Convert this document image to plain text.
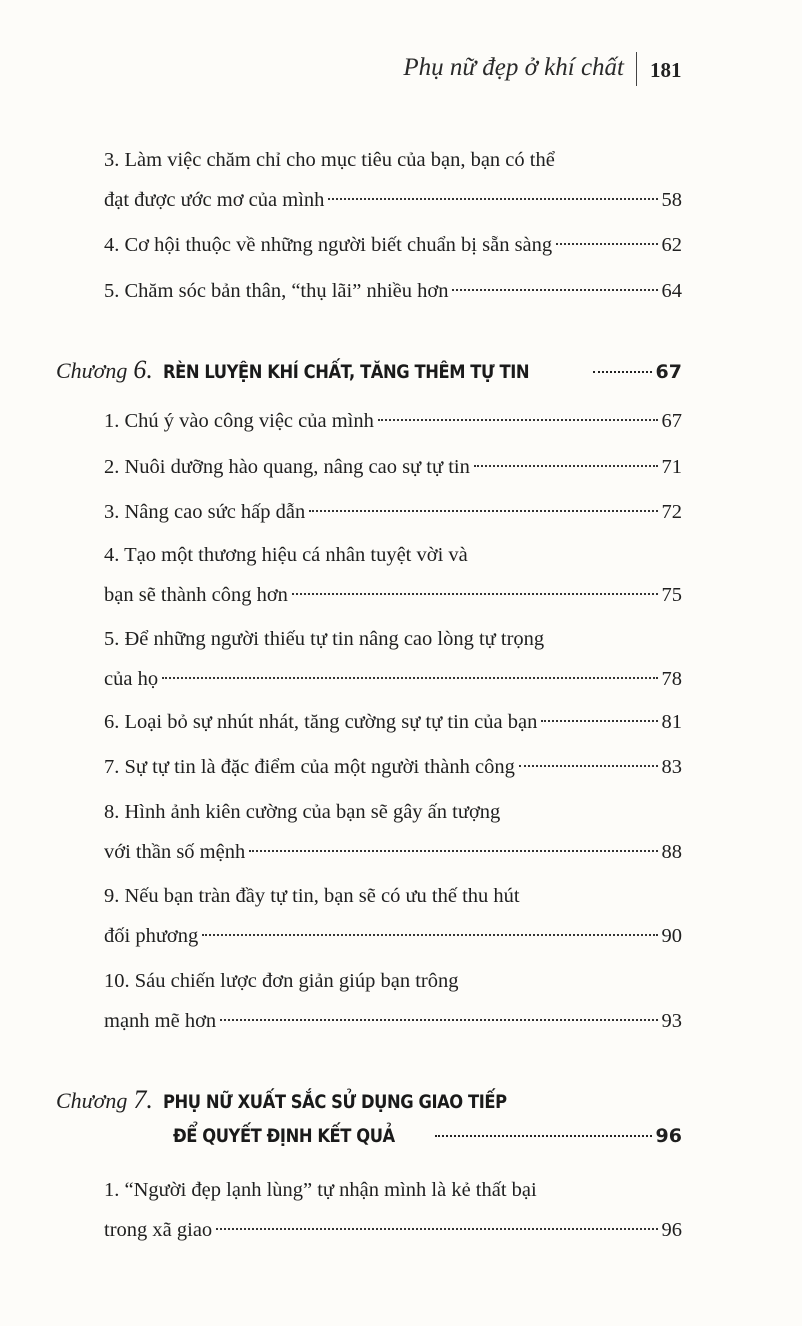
Phụ nữ đẹp ở khí chất 181
3. Làm việc chăm chỉ cho mục tiêu của bạn, bạn có thể
đạt được ước mơ của mình	58
4. Cơ hội thuộc về những người biết chuẩn bị sẵn sàng	62
5. Chăm sóc bản thân, “thụ lãi” nhiều hơn	64
Chương 6. RÈN LUYỆN KHÍ CHẤT, TĂNG THÊM TỰ TIN	67
1. Chú ý vào công việc của mình	67
2. Nuôi dưỡng hào quang, nâng cao sự tự tin	71
3. Nâng cao sức hấp dẫn	72
4. Tạo một thương hiệu cá nhân tuyệt vời và
bạn sẽ thành công hơn	75
5. Để những người thiếu tự tin nâng cao lòng tự trọng
của họ	78
6. Loại bỏ sự nhút nhát, tăng cường sự tự tin của bạn	81
7. Sự tự tin là đặc điểm của một người thành công	83
8. Hình ảnh kiên cường của bạn sẽ gây ấn tượng
với thần số mệnh	88
9. Nếu bạn tràn đầy tự tin, bạn sẽ có ưu thế thu hút
đối phương	90
10. Sáu chiến lược đơn giản giúp bạn trông
mạnh mẽ hơn	93
Chương 7. PHỤ NỮ XUẤT SẮC SỬ DỤNG GIAO TIẾP
ĐỂ QUYẾT ĐỊNH KẾT QUẢ	96
1. “Người đẹp lạnh lùng” tự nhận mình là kẻ thất bại
trong xã giao	96
